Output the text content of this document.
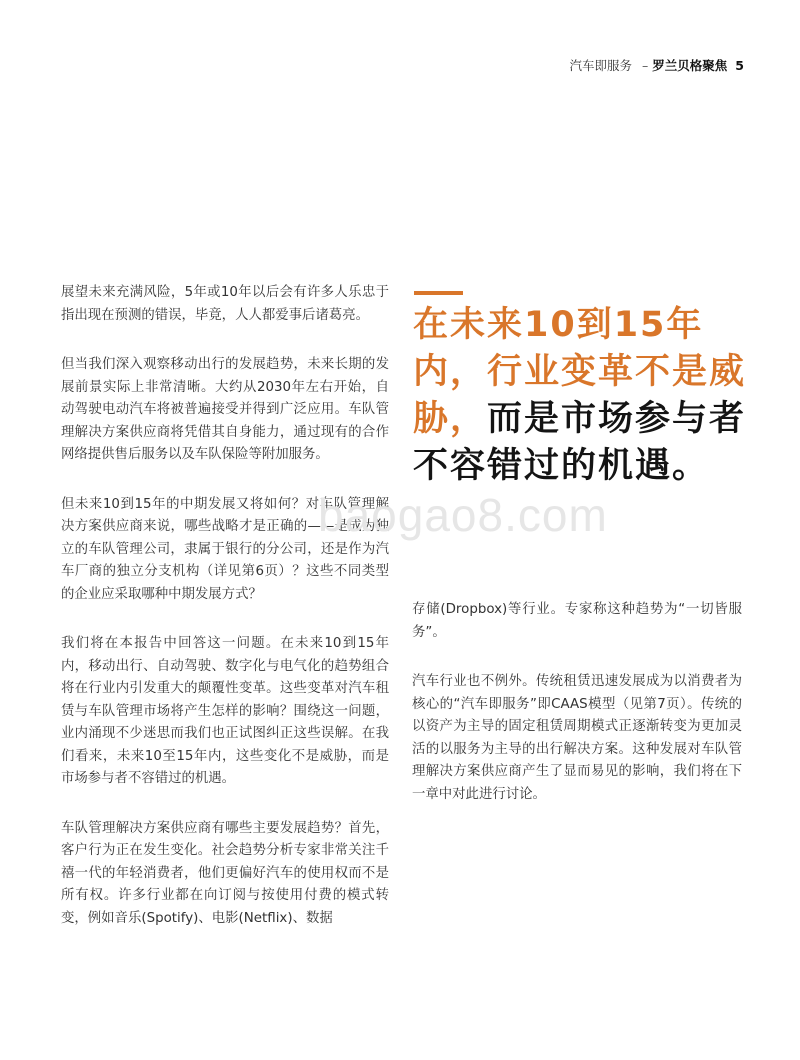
汽车即服务 – 罗兰贝格聚焦 5

展望未来充满风险，5年或10年以后会有许多人乐忠于指出现在预测的错误，毕竟，人人都爱事后诸葛亮。

但当我们深入观察移动出行的发展趋势，未来长期的发展前景实际上非常清晰。大约从2030年左右开始，自动驾驶电动汽车将被普遍接受并得到广泛应用。车队管理解决方案供应商将凭借其自身能力，通过现有的合作网络提供售后服务以及车队保险等附加服务。

但未来10到15年的中期发展又将如何？对车队管理解决方案供应商来说，哪些战略才是正确的——是成为独立的车队管理公司，隶属于银行的分公司，还是作为汽车厂商的独立分支机构（详见第6页）？这些不同类型的企业应采取哪种中期发展方式？

我们将在本报告中回答这一问题。在未来10到15年内，移动出行、自动驾驶、数字化与电气化的趋势组合将在行业内引发重大的颠覆性变革。这些变革对汽车租赁与车队管理市场将产生怎样的影响？围绕这一问题，业内涌现不少迷思而我们也正试图纠正这些误解。在我们看来，未来10至15年内，这些变化不是威胁，而是市场参与者不容错过的机遇。

车队管理解决方案供应商有哪些主要发展趋势？首先，客户行为正在发生变化。社会趋势分析专家非常关注千禧一代的年轻消费者，他们更偏好汽车的使用权而不是所有权。许多行业都在向订阅与按使用付费的模式转变，例如音乐(Spotify)、电影(Netflix)、数据

在未来10到15年内，行业变革不是威胁，而是市场参与者不容错过的机遇。
baogao8.com

存储(Dropbox)等行业。专家称这种趋势为“一切皆服务”。

汽车行业也不例外。传统租赁迅速发展成为以消费者为核心的“汽车即服务”即CAAS模型（见第7页）。传统的以资产为主导的固定租赁周期模式正逐渐转变为更加灵活的以服务为主导的出行解决方案。这种发展对车队管理解决方案供应商产生了显而易见的影响，我们将在下一章中对此进行讨论。
